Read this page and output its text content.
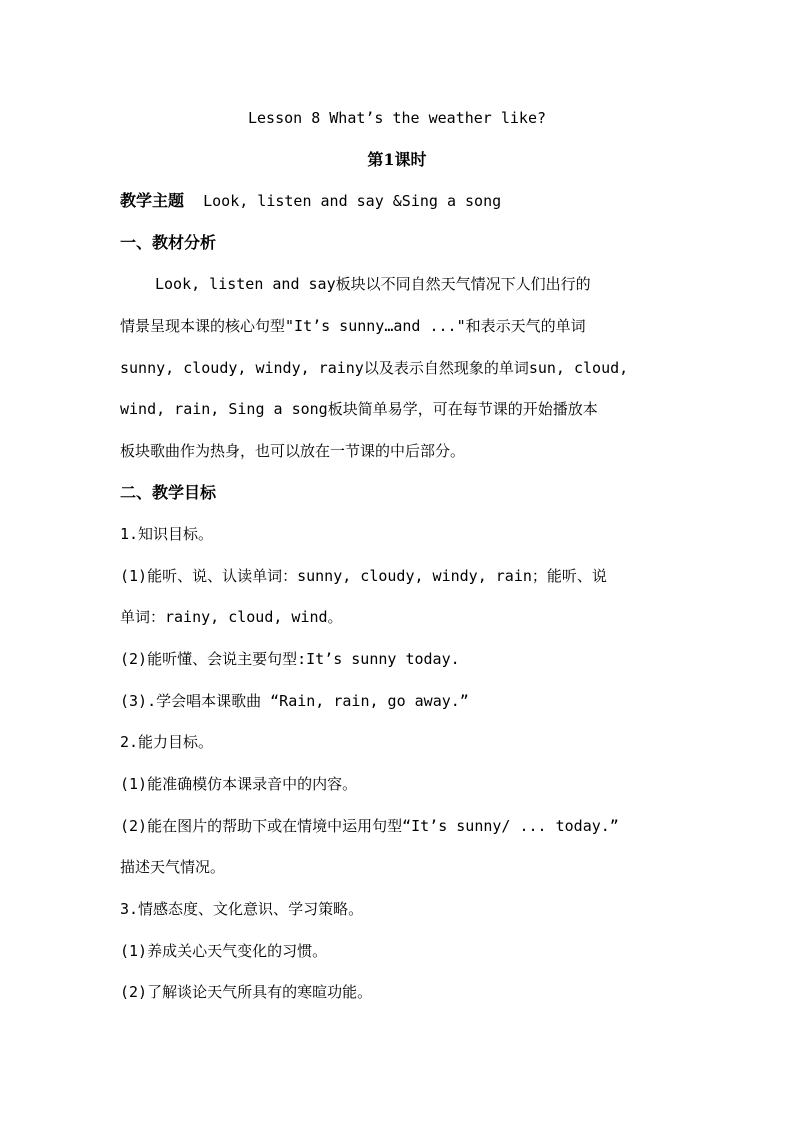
Lesson 8 What’s the weather like?
第1课时
教学主题 Look, listen and say &Sing a song
一、教材分析
Look, listen and say板块以不同自然天气情况下人们出行的
情景呈现本课的核心句型"It’s sunny…and ..."和表示天气的单词
sunny, cloudy, windy, rainy以及表示自然现象的单词sun, cloud,
wind, rain, Sing a song板块简单易学，可在每节课的开始播放本
板块歌曲作为热身，也可以放在一节课的中后部分。
二、教学目标
1.知识目标。
(1)能听、说、认读单词：sunny, cloudy, windy, rain；能听、说
单词：rainy, cloud, wind。
(2)能听懂、会说主要句型:It’s sunny today.
(3).学会唱本课歌曲 “Rain, rain, go away.”
2.能力目标。
(1)能准确模仿本课录音中的内容。
(2)能在图片的帮助下或在情境中运用句型“It’s sunny/ ... today.”
描述天气情况。
3.情感态度、文化意识、学习策略。
(1)养成关心天气变化的习惯。
(2)了解谈论天气所具有的寒暄功能。
